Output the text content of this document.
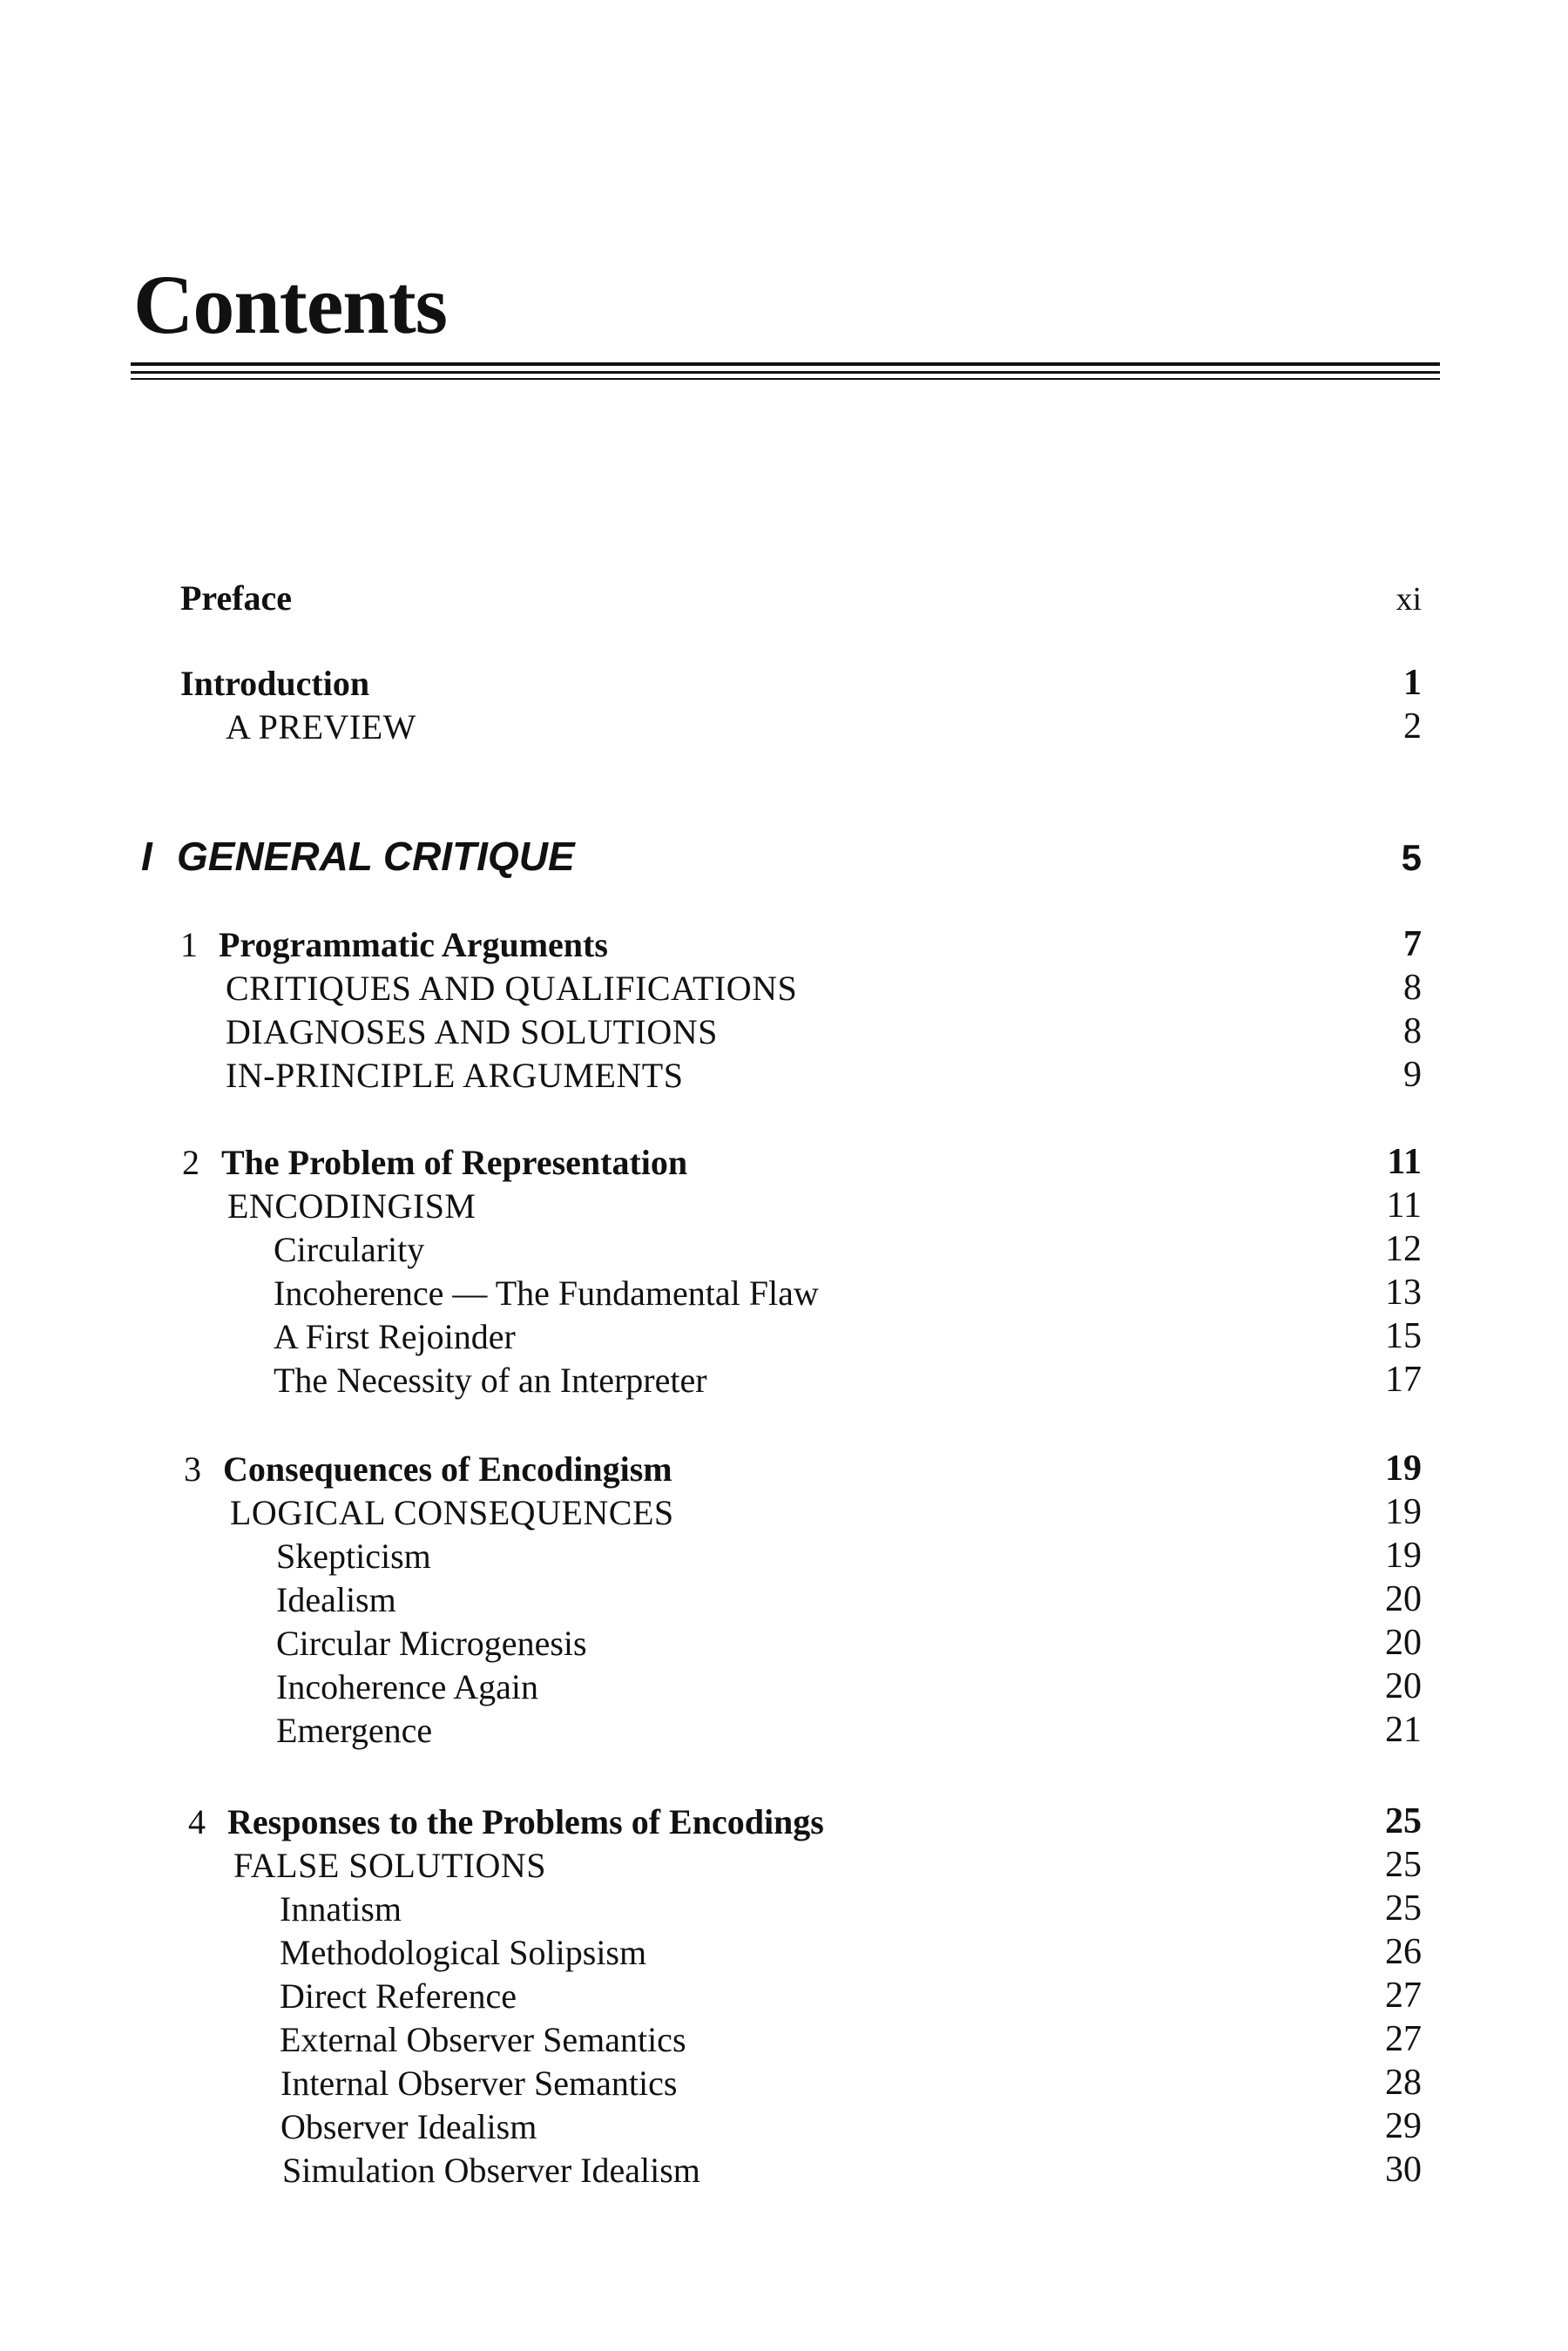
Contents
Preface	xi
Introduction	1
A PREVIEW	2
I GENERAL CRITIQUE	5
1 Programmatic Arguments	7
CRITIQUES AND QUALIFICATIONS	8
DIAGNOSES AND SOLUTIONS	8
IN-PRINCIPLE ARGUMENTS	9
2 The Problem of Representation	11
ENCODINGISM	11
Circularity	12
Incoherence — The Fundamental Flaw	13
A First Rejoinder	15
The Necessity of an Interpreter	17
3 Consequences of Encodingism	19
LOGICAL CONSEQUENCES	19
Skepticism	19
Idealism	20
Circular Microgenesis	20
Incoherence Again	20
Emergence	21
4 Responses to the Problems of Encodings	25
FALSE SOLUTIONS	25
Innatism	25
Methodological Solipsism	26
Direct Reference	27
External Observer Semantics	27
Internal Observer Semantics	28
Observer Idealism	29
Simulation Observer Idealism	30
